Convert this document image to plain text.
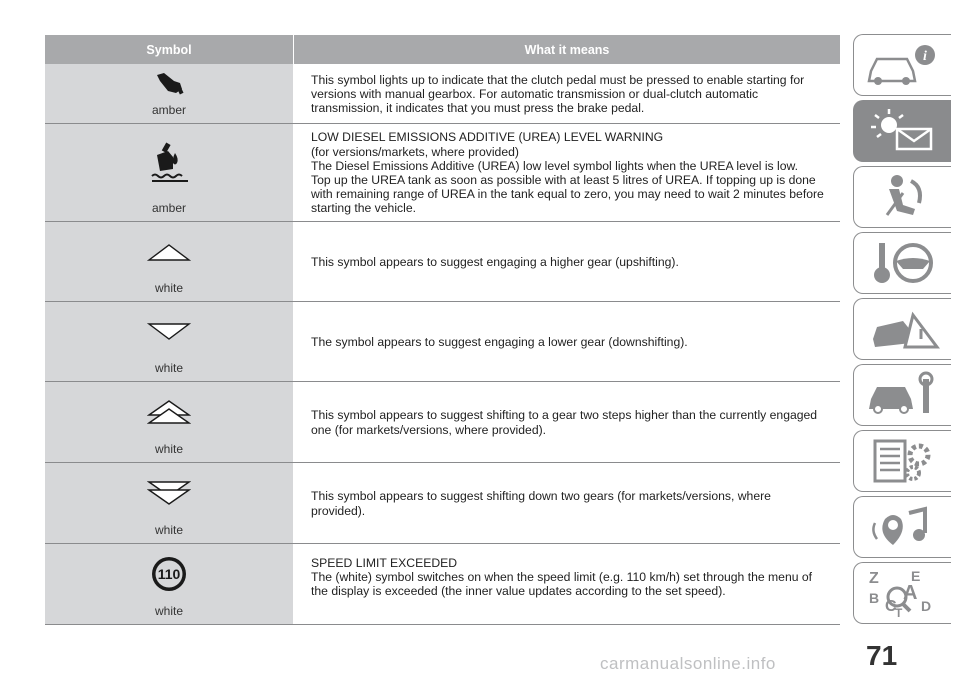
Symbol	What it means
amber
This symbol lights up to indicate that the clutch pedal must be pressed to enable starting for versions with manual gearbox. For automatic transmission or dual-clutch automatic transmission, it indicates that you must press the brake pedal.
amber
LOW DIESEL EMISSIONS ADDITIVE (UREA) LEVEL WARNING
(for versions/markets, where provided)
The Diesel Emissions Additive (UREA) low level symbol lights when the UREA level is low.
Top up the UREA tank as soon as possible with at least 5 litres of UREA. If topping up is done with remaining range of UREA in the tank equal to zero, you may need to wait 2 minutes before starting the vehicle.
white
This symbol appears to suggest engaging a higher gear (upshifting).
white
The symbol appears to suggest engaging a lower gear (downshifting).
white
This symbol appears to suggest shifting to a gear two steps higher than the currently engaged one (for markets/versions, where provided).
white
This symbol appears to suggest shifting down two gears (for markets/versions, where provided).
110
white
SPEED LIMIT EXCEEDED
The (white) symbol switches on when the speed limit (e.g. 110 km/h) set through the menu of the display is exceeded (the inner value updates according to the set speed).
i
Z E
A
B C D
T
71
carmanualsonline.info
